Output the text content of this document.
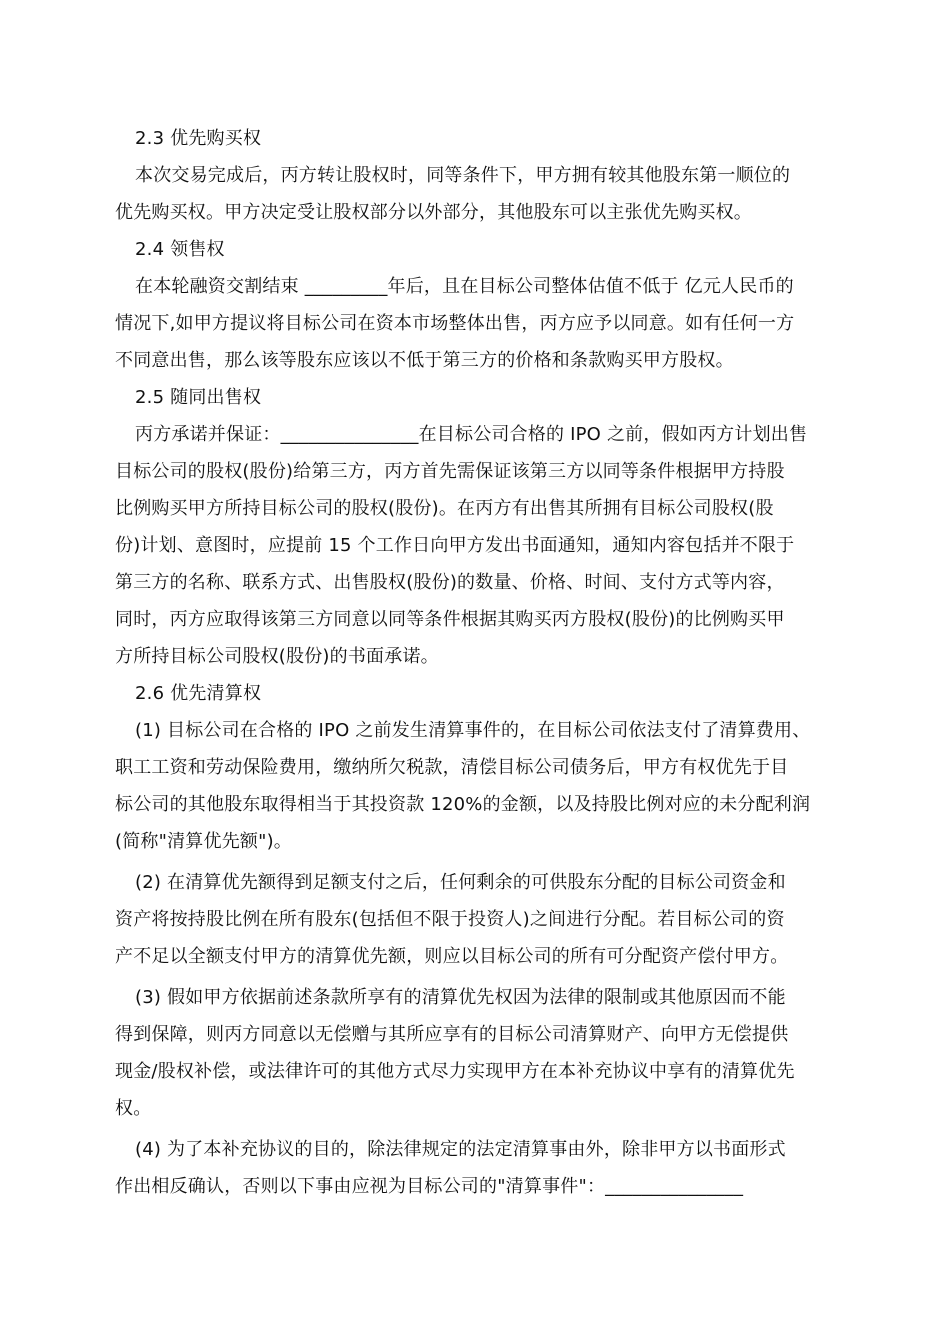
2.3 优先购买权
本次交易完成后，丙方转让股权时，同等条件下，甲方拥有较其他股东第一顺位的
优先购买权。甲方决定受让股权部分以外部分，其他股东可以主张优先购买权。
2.4 领售权
在本轮融资交割结束 _________年后，且在目标公司整体估值不低于 亿元人民币的
情况下,如甲方提议将目标公司在资本市场整体出售，丙方应予以同意。如有任何一方
不同意出售，那么该等股东应该以不低于第三方的价格和条款购买甲方股权。
2.5 随同出售权
丙方承诺并保证：_______________在目标公司合格的 IPO 之前，假如丙方计划出售
目标公司的股权(股份)给第三方，丙方首先需保证该第三方以同等条件根据甲方持股
比例购买甲方所持目标公司的股权(股份)。在丙方有出售其所拥有目标公司股权(股
份)计划、意图时，应提前 15 个工作日向甲方发出书面通知，通知内容包括并不限于
第三方的名称、联系方式、出售股权(股份)的数量、价格、时间、支付方式等内容，
同时，丙方应取得该第三方同意以同等条件根据其购买丙方股权(股份)的比例购买甲
方所持目标公司股权(股份)的书面承诺。
2.6 优先清算权
(1) 目标公司在合格的 IPO 之前发生清算事件的，在目标公司依法支付了清算费用、
职工工资和劳动保险费用，缴纳所欠税款，清偿目标公司债务后，甲方有权优先于目
标公司的其他股东取得相当于其投资款 120%的金额，以及持股比例对应的未分配利润
(简称"清算优先额")。
(2) 在清算优先额得到足额支付之后，任何剩余的可供股东分配的目标公司资金和
资产将按持股比例在所有股东(包括但不限于投资人)之间进行分配。若目标公司的资
产不足以全额支付甲方的清算优先额，则应以目标公司的所有可分配资产偿付甲方。
(3) 假如甲方依据前述条款所享有的清算优先权因为法律的限制或其他原因而不能
得到保障，则丙方同意以无偿赠与其所应享有的目标公司清算财产、向甲方无偿提供
现金/股权补偿，或法律许可的其他方式尽力实现甲方在本补充协议中享有的清算优先
权。
(4) 为了本补充协议的目的，除法律规定的法定清算事由外，除非甲方以书面形式
作出相反确认，否则以下事由应视为目标公司的"清算事件"：_______________
